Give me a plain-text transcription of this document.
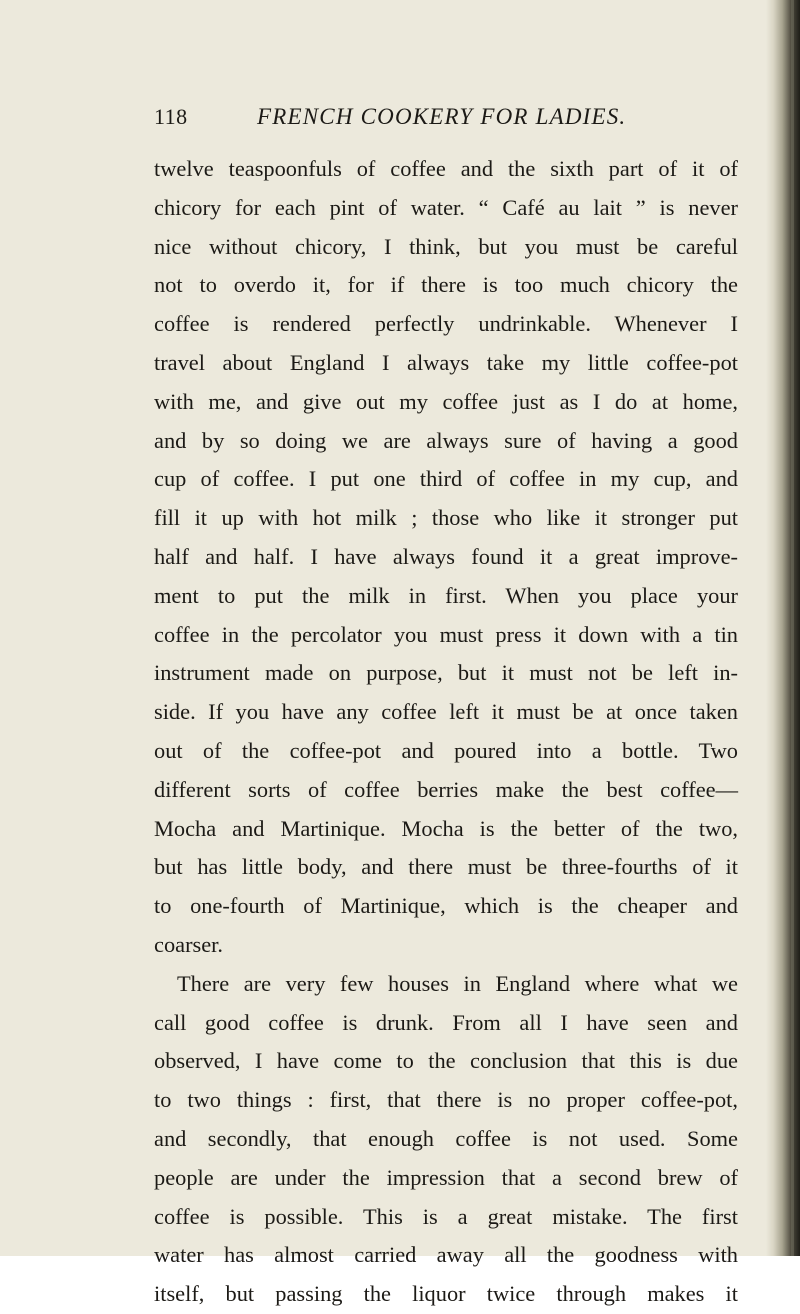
118	FRENCH COOKERY FOR LADIES.
twelve teaspoonfuls of coffee and the sixth part of it of
chicory for each pint of water. “ Café au lait ” is never
nice without chicory, I think, but you must be careful
not to overdo it, for if there is too much chicory the
coffee is rendered perfectly undrinkable. Whenever I
travel about England I always take my little coffee-pot
with me, and give out my coffee just as I do at home,
and by so doing we are always sure of having a good
cup of coffee. I put one third of coffee in my cup, and
fill it up with hot milk ; those who like it stronger put
half and half. I have always found it a great improve-
ment to put the milk in first. When you place your
coffee in the percolator you must press it down with a tin
instrument made on purpose, but it must not be left in-
side. If you have any coffee left it must be at once taken
out of the coffee-pot and poured into a bottle. Two
different sorts of coffee berries make the best coffee—
Mocha and Martinique. Mocha is the better of the two,
but has little body, and there must be three-fourths of it
to one-fourth of Martinique, which is the cheaper and
coarser.
There are very few houses in England where what we
call good coffee is drunk. From all I have seen and
observed, I have come to the conclusion that this is due
to two things : first, that there is no proper coffee-pot,
and secondly, that enough coffee is not used. Some
people are under the impression that a second brew of
coffee is possible. This is a great mistake. The first
water has almost carried away all the goodness with
itself, but passing the liquor twice through makes it
